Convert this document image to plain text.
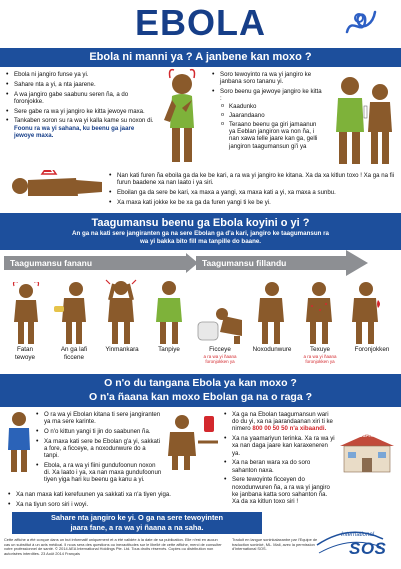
EBOLA
Ebola ni manni ya ? A janbene kan moxo ?
• Ebola ni jangiro funse ya yi.
• Sahare nta a yi, a nta jaarene.
• A wa jangiro gabe saabunu seren ña, a do foronjokke.
• Sere gabe ra wa yi jangiro ke kitta jewoye maxa.
• Tankaben soron su ra wa yi kalla kame su noxon di. Foonu ra wa yi sahana, ku beenu ga jaare jewoye maxa.
• Soro tewoyinto ra wa yi jangiro ke janbana soro tananu yi.
• Soro beenu ga jewoye jangiro ke kitta :
o Kaadunko
o Jaarandaano
o Teraano beenu ga giri jamaanun ya Eeblan jangiron wa non ña, i nan xawa telle jaare kan ga, gelli jangiron taagumansun gi'i ya
• Nan kati furen ña eboila ga da ke be kari, a ra wa yi jangiro ke kitana. Xa da xa kitlun toxo ! Xa ga na fii furun baadene xa nan laato i ya siri.
• Eboilan ga da sere be kari, xa maxa a yangi, xa maxa kati a yi, xa maxa a sunbu.
• Xa maxa kati jokke ke be xa ga da furen yangi ti ke be yi.
Taagumansu beenu ga Ebola koyini o yi ?
An ga na kati sere jangiranten ga na sere Ebolan ga d'a kari, jangiro ke taagumansun ra wa yi bakka bito fill ma tanpille do baane.
Taagumansu fananu	Taagumansu fillandu
Fatan
tewoye
An ga lafi
ficcene
Yinmankara	Tanpiye	Ficceye
a ra wa yi ñaana
foronjokken ya
Noxodunwure	Texuye
a ra wa yi ñaana
foronjokken ya
Foronjokken
O n'o du tangana Ebola ya kan moxo ?
O n'a ñaana kan moxo Ebolan ga na o raga ?
• O ra wa yi Ebolan kitana ti sere jangiranten ya ma sere karinte.
• O n'o kittun yangi ti jin do saabunen ña.
• Xa maxa kati sere be Ebolan g'a yi, sakkati a fore, a ficceye, a noxodunwure do a tanpi.
• Ebola, a ra wa yi fiini gundufoonun noxon di. Xa laato i ya, xa nan maxa gundufoonun tiyen yiga hari ku beenu ga kanu a yi.
• Xa ga na Ebolan taagumansun wari do du yi, xa na jaarandaanan xiri ti ke nimero 800 00 50 50 n'a xibaandi.
• Xa na yaamariyun terinka. Xa ra wa yi xa nan daga jaare kan karaxeneren ya.
• Xa na beran wara xa do soro sahanton naxa.
• Sere tewoyinte ficceyen do noxodunwuren ña, a ra wa yi jangiro ke janbana katta soro sahanton ña. Xa da xa kitlun toxo siri !
HOSPITAL
• Xa nan maxa kati kerefuunen ya sakkati xa n'a tiyen yiga.
• Xa na tiyun soro siri i woyi.
Sahare nta jangiro ke yi. O ga na sere tewoyinten
jaara fane, a ra wa yi ñaana a na saha.
Cette affiche a été conçue dans un but informatif uniquement et a été validée à la date de sa publication. Elle n'est en aucun cas un substitut à un avis médical. Il nous sera des questions ou inexactitudes sur le libellé de cette affiche, merci de consulter votre professionnel de santé. © 2014 AEA International Holdings Pte. Ltd. Tous droits réservés. Copies ou distribution non autorisées interdites. 23 Août 2014 Français
Traduit en langue soninkalaxanbe par l'Equipe de traduction soninké, ML. Mali, avec la permission d'International SOS.
International
SOS
